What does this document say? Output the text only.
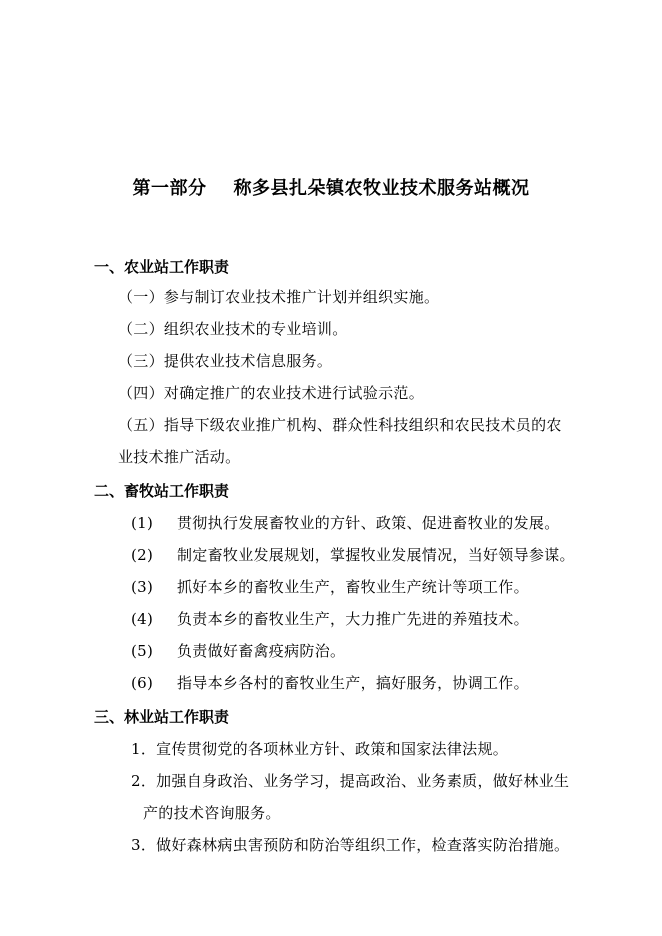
第一部分    称多县扎朵镇农牧业技术服务站概况
一、农业站工作职责
（一）参与制订农业技术推广计划并组织实施。
（二）组织农业技术的专业培训。
（三）提供农业技术信息服务。
（四）对确定推广的农业技术进行试验示范。
（五）指导下级农业推广机构、群众性科技组织和农民技术员的农
业技术推广活动。
二、畜牧站工作职责
(1) 贯彻执行发展畜牧业的方针、政策、促进畜牧业的发展。
(2) 制定畜牧业发展规划，掌握牧业发展情况，当好领导参谋。
(3) 抓好本乡的畜牧业生产，畜牧业生产统计等项工作。
(4) 负责本乡的畜牧业生产，大力推广先进的养殖技术。
(5) 负责做好畜禽疫病防治。
(6) 指导本乡各村的畜牧业生产，搞好服务，协调工作。
三、林业站工作职责
1．宣传贯彻党的各项林业方针、政策和国家法律法规。
2．加强自身政治、业务学习，提高政治、业务素质，做好林业生
产的技术咨询服务。
3．做好森林病虫害预防和防治等组织工作，检查落实防治措施。
